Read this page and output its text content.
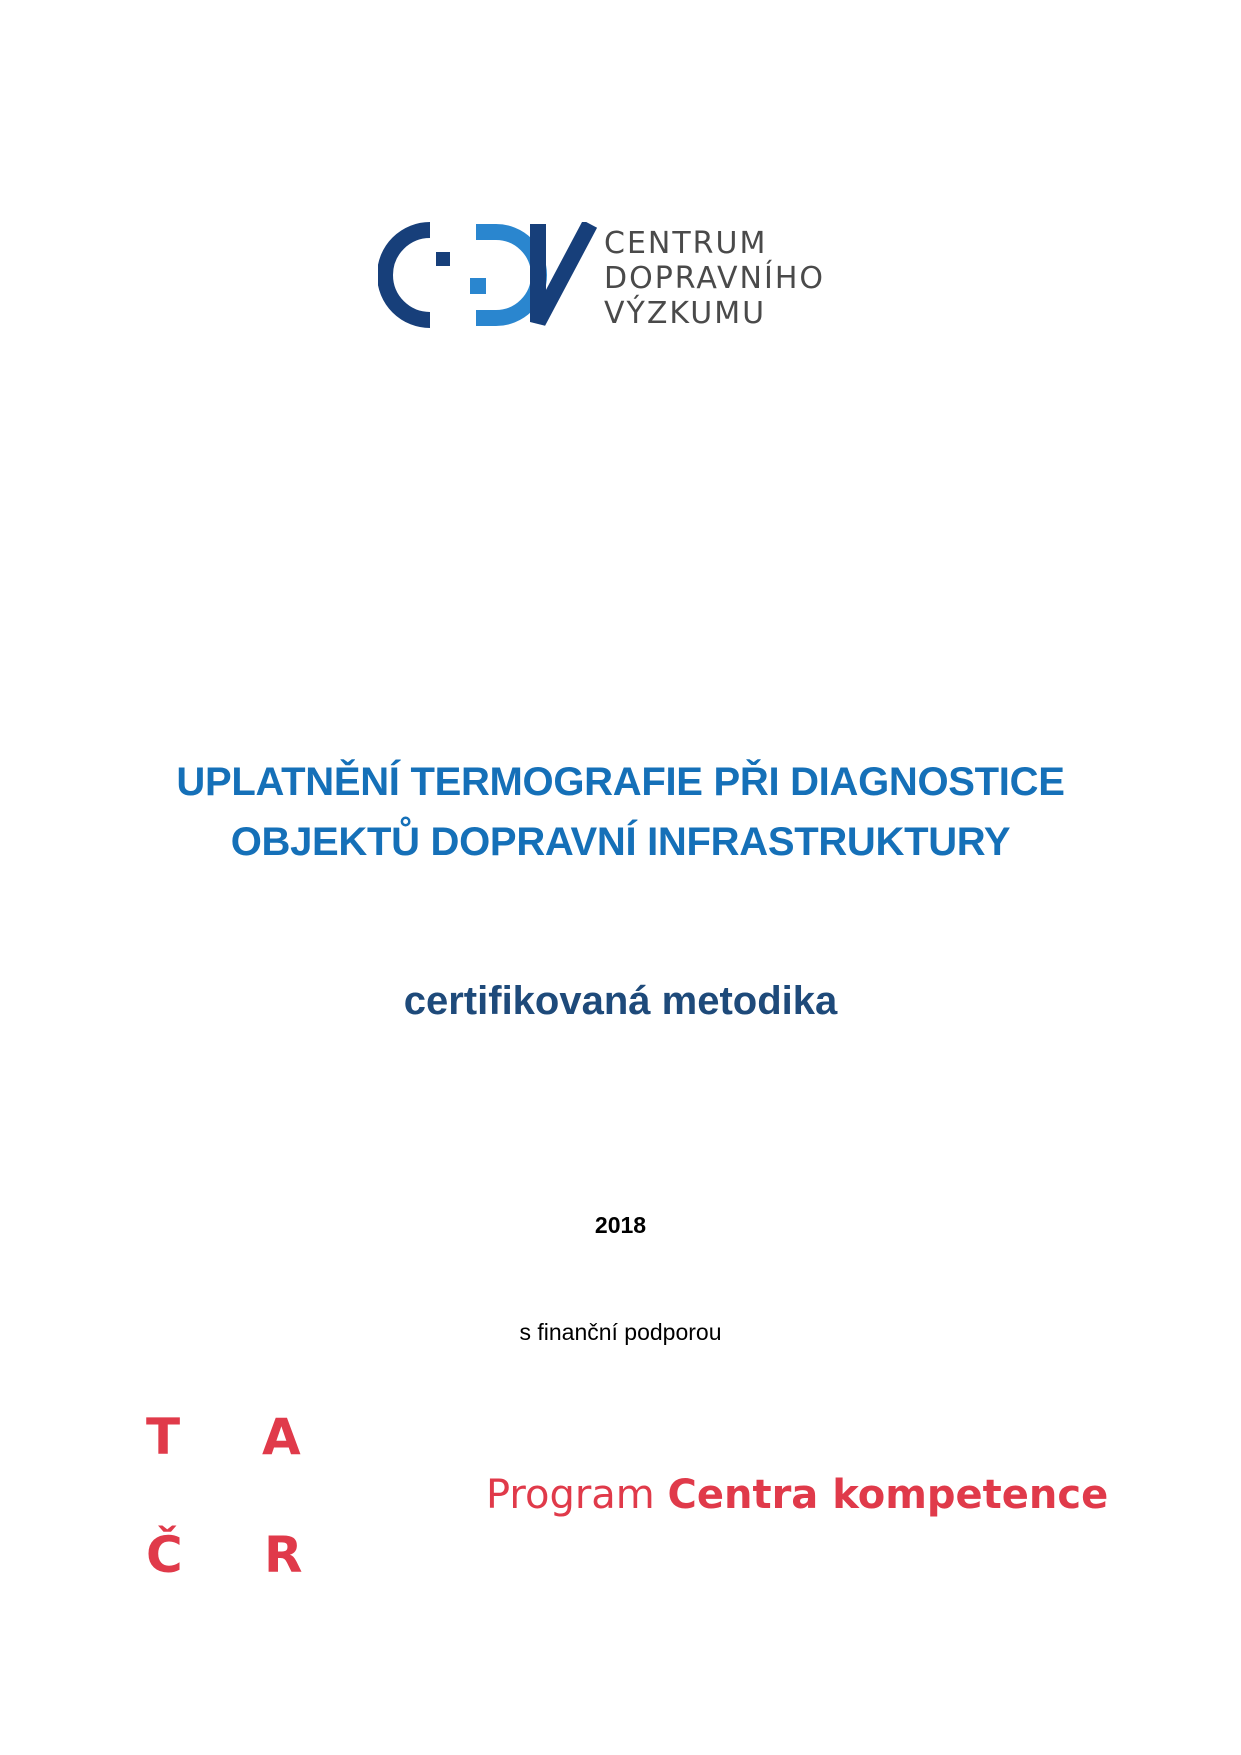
CENTRUM
DOPRAVNÍHO
VÝZKUMU
UPLATNĚNÍ TERMOGRAFIE PŘI DIAGNOSTICE
OBJEKTŮ DOPRAVNÍ INFRASTRUKTURY
certifikovaná metodika
2018
s finanční podporou
T A
Č R
Program Centra kompetence
